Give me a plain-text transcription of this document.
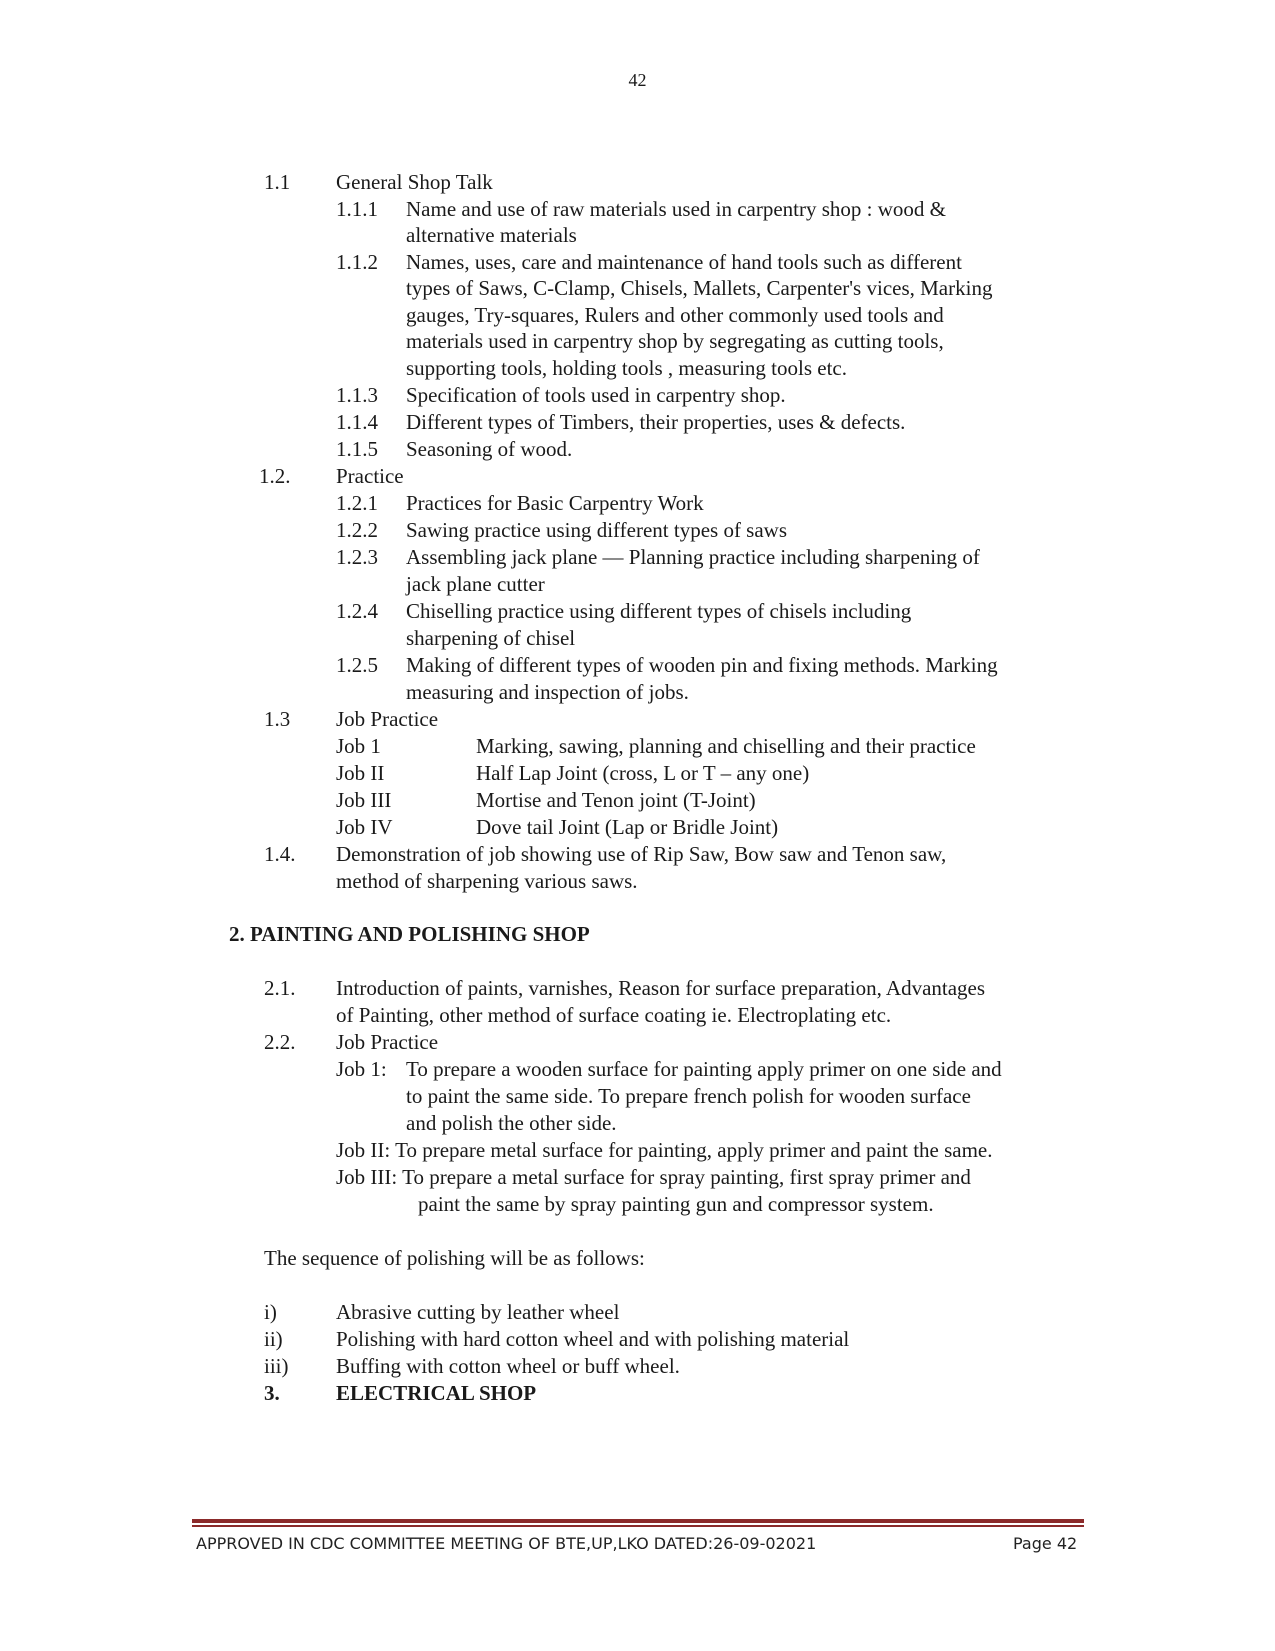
42
1.1 General Shop Talk
1.1.1 Name and use of raw materials used in carpentry shop : wood &
alternative materials
1.1.2 Names, uses, care and maintenance of hand tools such as different
types of Saws, C-Clamp, Chisels, Mallets, Carpenter's vices, Marking
gauges, Try-squares, Rulers and other commonly used tools and
materials used in carpentry shop by segregating as cutting tools,
supporting tools, holding tools , measuring tools etc.
1.1.3 Specification of tools used in carpentry shop.
1.1.4 Different types of Timbers, their properties, uses & defects.
1.1.5 Seasoning of wood.
1.2. Practice
1.2.1 Practices for Basic Carpentry Work
1.2.2 Sawing practice using different types of saws
1.2.3 Assembling jack plane — Planning practice including sharpening of
jack plane cutter
1.2.4 Chiselling practice using different types of chisels including
sharpening of chisel
1.2.5 Making of different types of wooden pin and fixing methods. Marking
measuring and inspection of jobs.
1.3 Job Practice
Job 1	Marking, sawing, planning and chiselling and their practice
Job II	Half Lap Joint (cross, L or T – any one)
Job III	Mortise and Tenon joint (T-Joint)
Job IV	Dove tail Joint (Lap or Bridle Joint)
1.4. Demonstration of job showing use of Rip Saw, Bow saw and Tenon saw,
method of sharpening various saws.
2. PAINTING AND POLISHING SHOP
2.1. Introduction of paints, varnishes, Reason for surface preparation, Advantages
of Painting, other method of surface coating ie. Electroplating etc.
2.2. Job Practice
Job 1: To prepare a wooden surface for painting apply primer on one side and
to paint the same side. To prepare french polish for wooden surface
and polish the other side.
Job II: To prepare metal surface for painting, apply primer and paint the same.
Job III: To prepare a metal surface for spray painting, first spray primer and
paint the same by spray painting gun and compressor system.
The sequence of polishing will be as follows:
i)	Abrasive cutting by leather wheel
ii)	Polishing with hard cotton wheel and with polishing material
iii) Buffing with cotton wheel or buff wheel.
3.	ELECTRICAL SHOP
APPROVED IN CDC COMMITTEE MEETING OF BTE,UP,LKO DATED:26-09-02021	Page 42
